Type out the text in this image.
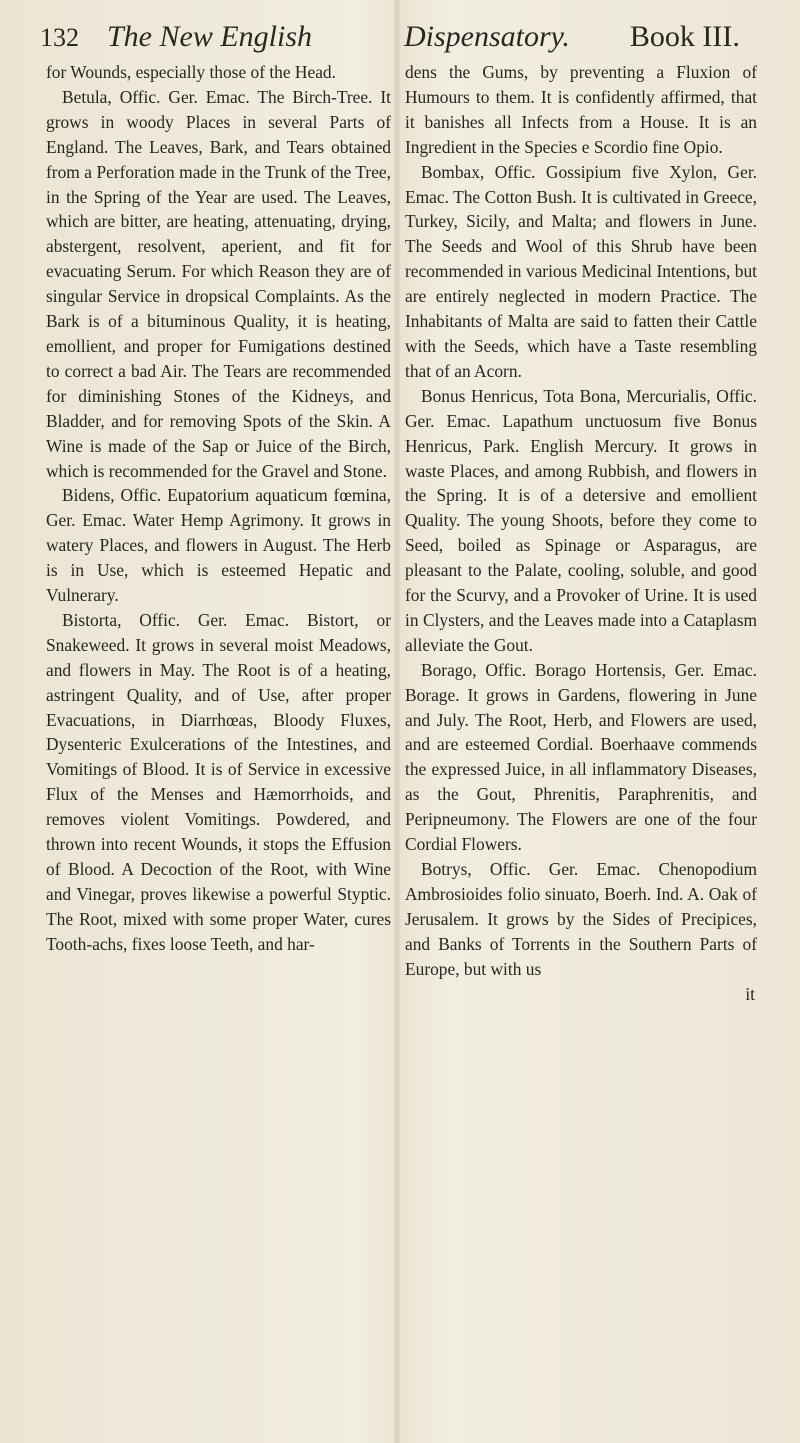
132 The New English	Dispensatory. Book III.

for Wounds, especially those of the Head.

Betula, Offic. Ger. Emac. The Birch-Tree. It grows in woody Places in several Parts of England. The Leaves, Bark, and Tears obtained from a Perforation made in the Trunk of the Tree, in the Spring of the Year are used. The Leaves, which are bitter, are heating, attenuating, drying, abstergent, resolvent, aperient, and fit for evacuating Serum. For which Reason they are of singular Service in dropsical Complaints. As the Bark is of a bituminous Quality, it is heating, emollient, and proper for Fumigations destined to correct a bad Air. The Tears are recommended for diminishing Stones of the Kidneys, and Bladder, and for removing Spots of the Skin. A Wine is made of the Sap or Juice of the Birch, which is recommended for the Gravel and Stone.

Bidens, Offic. Eupatorium aquaticum fœmina, Ger. Emac. Water Hemp Agrimony. It grows in watery Places, and flowers in August. The Herb is in Use, which is esteemed Hepatic and Vulnerary.

Bistorta, Offic. Ger. Emac. Bistort, or Snakeweed. It grows in several moist Meadows, and flowers in May. The Root is of a heating, astringent Quality, and of Use, after proper Evacuations, in Diarrhœas, Bloody Fluxes, Dysenteric Exulcerations of the Intestines, and Vomitings of Blood. It is of Service in excessive Flux of the Menses and Hæmorrhoids, and removes violent Vomitings. Powdered, and thrown into recent Wounds, it stops the Effusion of Blood. A Decoction of the Root, with Wine and Vinegar, proves likewise a powerful Styptic. The Root, mixed with some proper Water, cures Tooth-achs, fixes loose Teeth, and har-

dens the Gums, by preventing a Fluxion of Humours to them. It is confidently affirmed, that it banishes all Infects from a House. It is an Ingredient in the Species e Scordio fine Opio.

Bombax, Offic. Gossipium five Xylon, Ger. Emac. The Cotton Bush. It is cultivated in Greece, Turkey, Sicily, and Malta; and flowers in June. The Seeds and Wool of this Shrub have been recommended in various Medicinal Intentions, but are entirely neglected in modern Practice. The Inhabitants of Malta are said to fatten their Cattle with the Seeds, which have a Taste resembling that of an Acorn.

Bonus Henricus, Tota Bona, Mercurialis, Offic. Ger. Emac. Lapathum unctuosum five Bonus Henricus, Park. English Mercury. It grows in waste Places, and among Rubbish, and flowers in the Spring. It is of a detersive and emollient Quality. The young Shoots, before they come to Seed, boiled as Spinage or Asparagus, are pleasant to the Palate, cooling, soluble, and good for the Scurvy, and a Provoker of Urine. It is used in Clysters, and the Leaves made into a Cataplasm alleviate the Gout.

Borago, Offic. Borago Hortensis, Ger. Emac. Borage. It grows in Gardens, flowering in June and July. The Root, Herb, and Flowers are used, and are esteemed Cordial. Boerhaave commends the expressed Juice, in all inflammatory Diseases, as the Gout, Phrenitis, Paraphrenitis, and Peripneumony. The Flowers are one of the four Cordial Flowers.

Botrys, Offic. Ger. Emac. Chenopodium Ambrosioides folio sinuato, Boerh. Ind. A. Oak of Jerusalem. It grows by the Sides of Precipices, and Banks of Torrents in the Southern Parts of Europe, but with us

it
